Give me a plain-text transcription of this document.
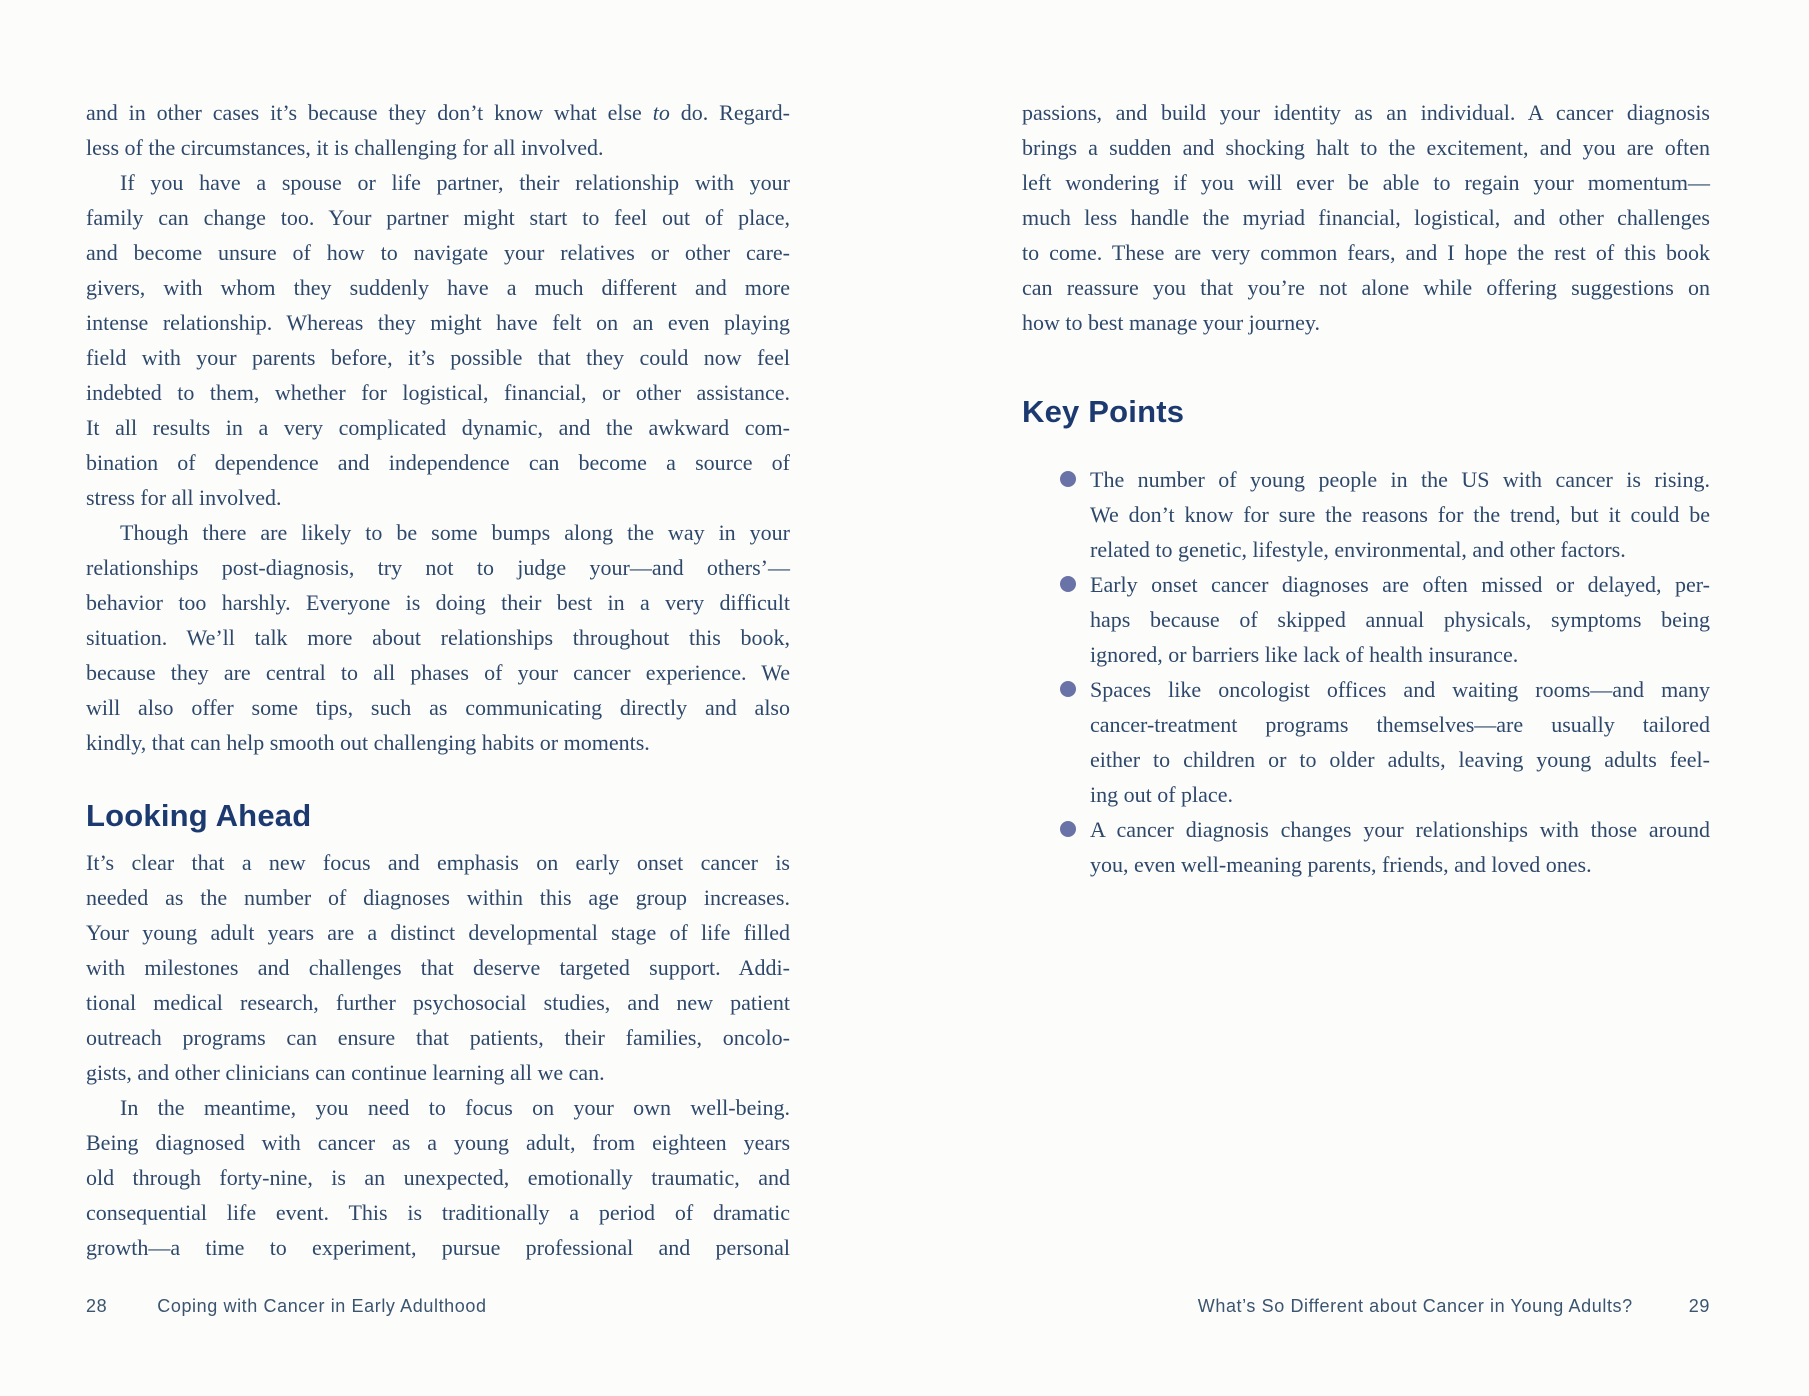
and in other cases it’s because they don’t know what else to do. Regard-
less of the circumstances, it is challenging for all involved.
If you have a spouse or life partner, their relationship with your
family can change too. Your partner might start to feel out of place,
and become unsure of how to navigate your relatives or other care-
givers, with whom they suddenly have a much different and more
intense relationship. Whereas they might have felt on an even playing
field with your parents before, it’s possible that they could now feel
indebted to them, whether for logistical, financial, or other assistance.
It all results in a very complicated dynamic, and the awkward com-
bination of dependence and independence can become a source of
stress for all involved.
Though there are likely to be some bumps along the way in your
relationships post-diagnosis, try not to judge your—and others’—
behavior too harshly. Everyone is doing their best in a very difficult
situation. We’ll talk more about relationships throughout this book,
because they are central to all phases of your cancer experience. We
will also offer some tips, such as communicating directly and also
kindly, that can help smooth out challenging habits or moments.
Looking Ahead
It’s clear that a new focus and emphasis on early onset cancer is
needed as the number of diagnoses within this age group increases.
Your young adult years are a distinct developmental stage of life filled
with milestones and challenges that deserve targeted support. Addi-
tional medical research, further psychosocial studies, and new patient
outreach programs can ensure that patients, their families, oncolo-
gists, and other clinicians can continue learning all we can.
In the meantime, you need to focus on your own well-being.
Being diagnosed with cancer as a young adult, from eighteen years
old through forty-nine, is an unexpected, emotionally traumatic, and
consequential life event. This is traditionally a period of dramatic
growth—a time to experiment, pursue professional and personal
28	Coping with Cancer in Early Adulthood
passions, and build your identity as an individual. A cancer diagnosis
brings a sudden and shocking halt to the excitement, and you are often
left wondering if you will ever be able to regain your momentum—
much less handle the myriad financial, logistical, and other challenges
to come. These are very common fears, and I hope the rest of this book
can reassure you that you’re not alone while offering suggestions on
how to best manage your journey.
Key Points
The number of young people in the US with cancer is rising.
We don’t know for sure the reasons for the trend, but it could be
related to genetic, lifestyle, environmental, and other factors.
Early onset cancer diagnoses are often missed or delayed, per-
haps because of skipped annual physicals, symptoms being
ignored, or barriers like lack of health insurance.
Spaces like oncologist offices and waiting rooms—and many
cancer-treatment programs themselves—are usually tailored
either to children or to older adults, leaving young adults feel-
ing out of place.
A cancer diagnosis changes your relationships with those around
you, even well-meaning parents, friends, and loved ones.
What’s So Different about Cancer in Young Adults?	29
